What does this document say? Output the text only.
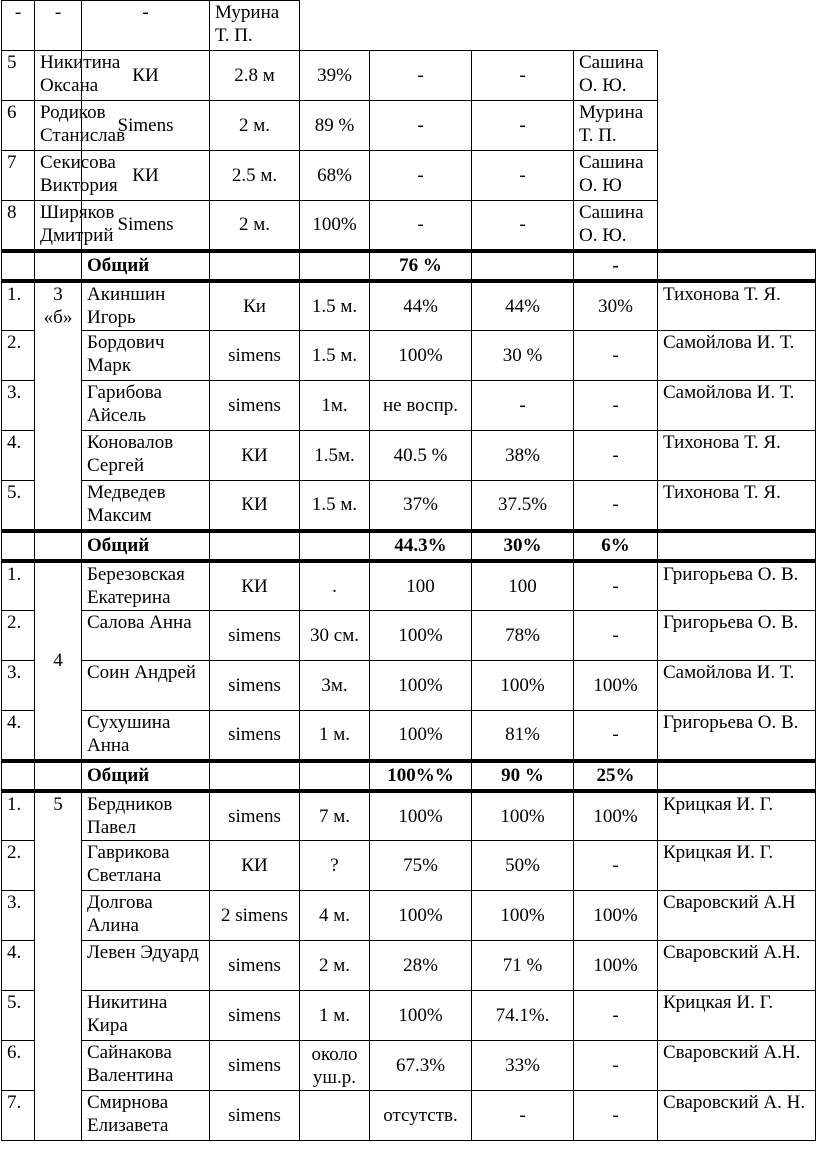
-	-	-	Мурина Т. П.					
5	Никитина Оксана	КИ	2.8 м	39%	-	-	Сашина О. Ю.	
6	Родиков Станислав	Simens	2 м.	89 %	-	-	Мурина Т. П.	
7	Секисова Виктория	КИ	2.5 м.	68%	-	-	Сашина О. Ю	
8	Ширяков Дмитрий	Simens	2 м.	100%	-	-	Сашина О. Ю.	
		Общий			76 %		-	
1.	3 «б»	Акиншин Игорь	Ки	1.5 м.	44%	44%	30%	Тихонова Т. Я.
2.		Бордович Марк	simens	1.5 м.	100%	30 %	-	Самойлова И. Т.
3.		Гарибова Айсель	simens	1м.	не воспр.	-	-	Самойлова И. Т.
4.		Коновалов Сергей	КИ	1.5м.	40.5 %	38%	-	Тихонова Т. Я.
5.		Медведев Максим	КИ	1.5 м.	37%	37.5%	-	Тихонова Т. Я.
		Общий			44.3%	30%	6%	
1.	4	Березовская Екатерина	КИ	.	100	100	-	Григорьева О. В.
2.		Салова Анна	simens	30 см.	100%	78%	-	Григорьева О. В.
3.		Соин Андрей	simens	3м.	100%	100%	100%	Самойлова И. Т.
4.		Сухушина Анна	simens	1 м.	100%	81%	-	Григорьева О. В.
		Общий			100%%	90 %	25%	
1.	5	Бердников Павел	simens	7 м.	100%	100%	100%	Крицкая И. Г.
2.		Гаврикова Светлана	КИ	?	75%	50%	-	Крицкая И. Г.
3.		Долгова Алина	2 simens	4 м.	100%	100%	100%	Сваровский А.Н
4.		Левен Эдуард	simens	2 м.	28%	71 %	100%	Сваровский А.Н.
5.		Никитина Кира	simens	1 м.	100%	74.1%.	-	Крицкая И. Г.
6.		Сайнакова Валентина	simens	около уш.р.	67.3%	33%	-	Сваровский А.Н.
7.		Смирнова Елизавета	simens		отсутств.	-	-	Сваровский А. Н.
